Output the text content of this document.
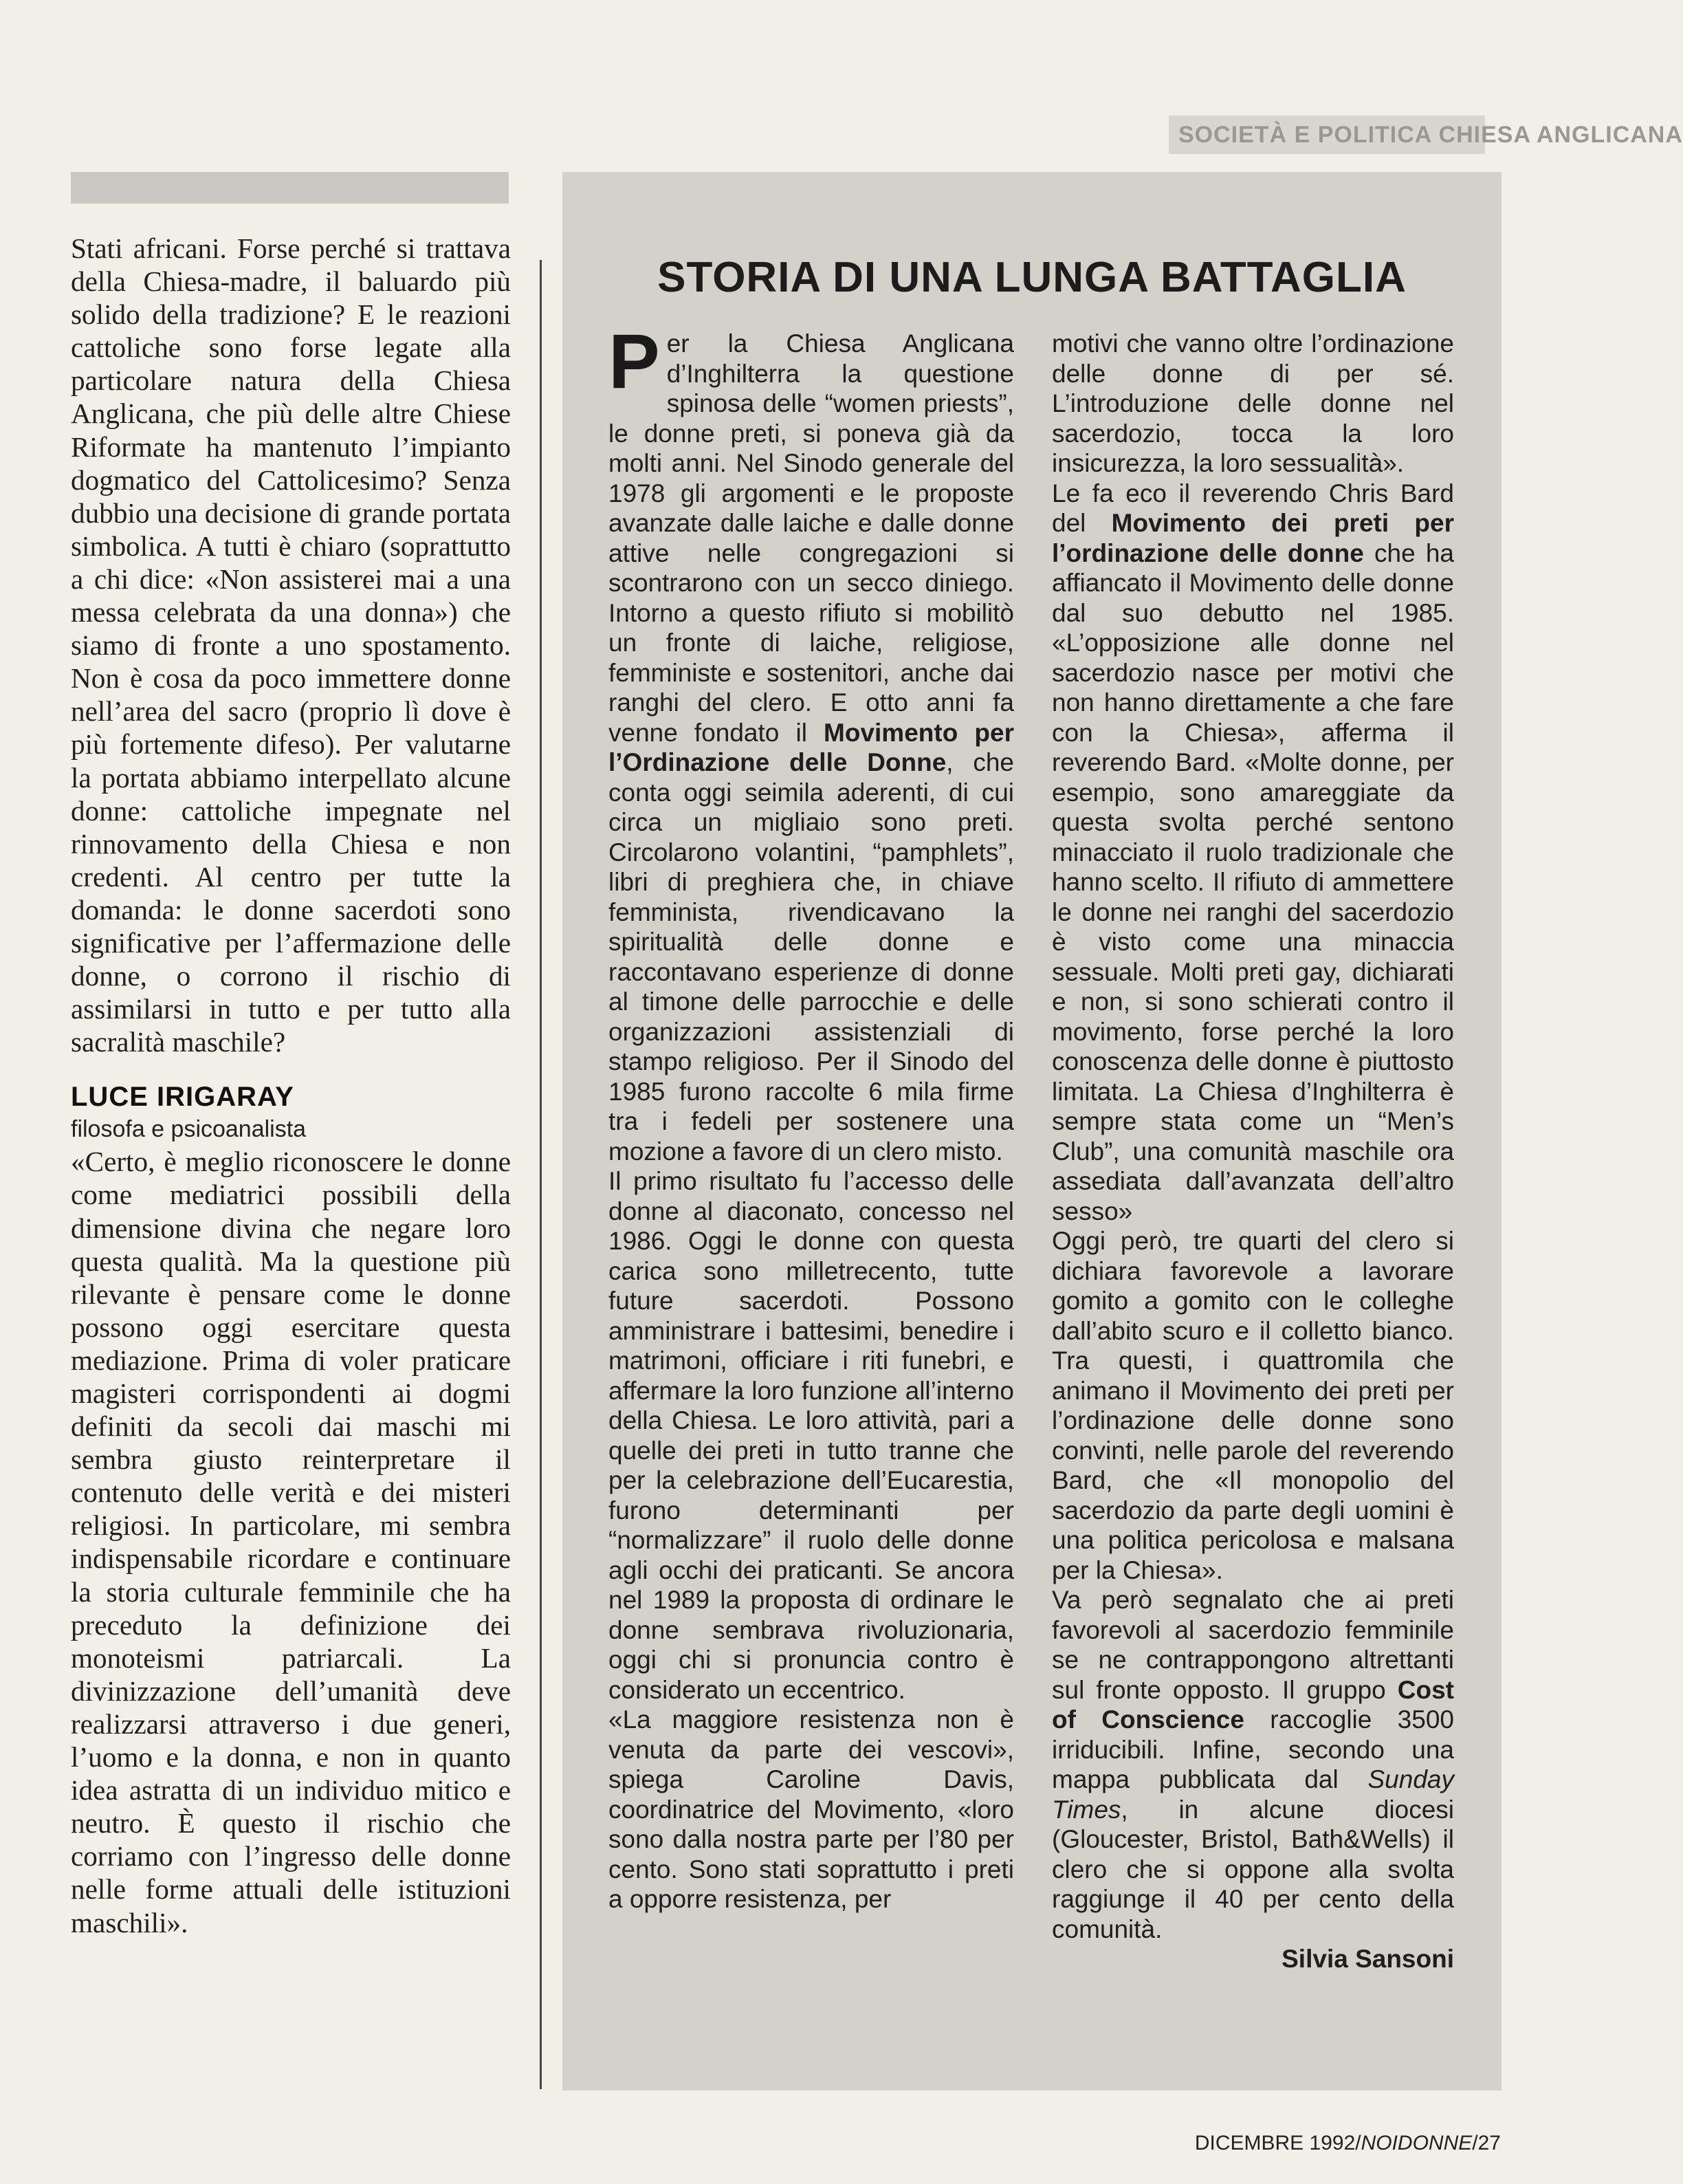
SOCIETÀ E POLITICA CHIESA ANGLICANA

Stati africani. Forse perché si trattava della Chiesa-madre, il baluardo più solido della tradizione? E le reazioni cattoliche sono forse legate alla particolare natura della Chiesa Anglicana, che più delle altre Chiese Riformate ha mantenuto l’impianto dogmatico del Cattolicesimo? Senza dubbio una decisione di grande portata simbolica. A tutti è chiaro (soprattutto a chi dice: «Non assisterei mai a una messa celebrata da una donna») che siamo di fronte a uno spostamento. Non è cosa da poco immettere donne nell’area del sacro (proprio lì dove è più fortemente difeso). Per valutarne la portata abbiamo interpellato alcune donne: cattoliche impegnate nel rinnovamento della Chiesa e non credenti. Al centro per tutte la domanda: le donne sacerdoti sono significative per l’affermazione delle donne, o corrono il rischio di assimilarsi in tutto e per tutto alla sacralità maschile?

LUCE IRIGARAY
filosofa e psicoanalista

«Certo, è meglio riconoscere le donne come mediatrici possibili della dimensione divina che negare loro questa qualità. Ma la questione più rilevante è pensare come le donne possono oggi esercitare questa mediazione. Prima di voler praticare magisteri corrispondenti ai dogmi definiti da secoli dai maschi mi sembra giusto reinterpretare il contenuto delle verità e dei misteri religiosi. In particolare, mi sembra indispensabile ricordare e continuare la storia culturale femminile che ha preceduto la definizione dei monoteismi patriarcali. La divinizzazione dell’umanità deve realizzarsi attraverso i due generi, l’uomo e la donna, e non in quanto idea astratta di un individuo mitico e neutro. È questo il rischio che corriamo con l’ingresso delle donne nelle forme attuali delle istituzioni maschili».

STORIA DI UNA LUNGA BATTAGLIA

Per la Chiesa Anglicana d’Inghilterra la questione spinosa delle “women priests”, le donne preti, si poneva già da molti anni. Nel Sinodo generale del 1978 gli argomenti e le proposte avanzate dalle laiche e dalle donne attive nelle congregazioni si scontrarono con un secco diniego. Intorno a questo rifiuto si mobilitò un fronte di laiche, religiose, femministe e sostenitori, anche dai ranghi del clero. E otto anni fa venne fondato il Movimento per l’Ordinazione delle Donne, che conta oggi seimila aderenti, di cui circa un migliaio sono preti. Circolarono volantini, “pamphlets”, libri di preghiera che, in chiave femminista, rivendicavano la spiritualità delle donne e raccontavano esperienze di donne al timone delle parrocchie e delle organizzazioni assistenziali di stampo religioso. Per il Sinodo del 1985 furono raccolte 6 mila firme tra i fedeli per sostenere una mozione a favore di un clero misto.

Il primo risultato fu l’accesso delle donne al diaconato, concesso nel 1986. Oggi le donne con questa carica sono milletrecento, tutte future sacerdoti. Possono amministrare i battesimi, benedire i matrimoni, officiare i riti funebri, e affermare la loro funzione all’interno della Chiesa. Le loro attività, pari a quelle dei preti in tutto tranne che per la celebrazione dell’Eucarestia, furono determinanti per “normalizzare” il ruolo delle donne agli occhi dei praticanti. Se ancora nel 1989 la proposta di ordinare le donne sembrava rivoluzionaria, oggi chi si pronuncia contro è considerato un eccentrico.

«La maggiore resistenza non è venuta da parte dei vescovi», spiega Caroline Davis, coordinatrice del Movimento, «loro sono dalla nostra parte per l’80 per cento. Sono stati soprattutto i preti a opporre resistenza, per

motivi che vanno oltre l’ordinazione delle donne di per sé. L’introduzione delle donne nel sacerdozio, tocca la loro insicurezza, la loro sessualità».

Le fa eco il reverendo Chris Bard del Movimento dei preti per l’ordinazione delle donne che ha affiancato il Movimento delle donne dal suo debutto nel 1985. «L’opposizione alle donne nel sacerdozio nasce per motivi che non hanno direttamente a che fare con la Chiesa», afferma il reverendo Bard. «Molte donne, per esempio, sono amareggiate da questa svolta perché sentono minacciato il ruolo tradizionale che hanno scelto. Il rifiuto di ammettere le donne nei ranghi del sacerdozio è visto come una minaccia sessuale. Molti preti gay, dichiarati e non, si sono schierati contro il movimento, forse perché la loro conoscenza delle donne è piuttosto limitata. La Chiesa d’Inghilterra è sempre stata come un “Men’s Club”, una comunità maschile ora assediata dall’avanzata dell’altro sesso»

Oggi però, tre quarti del clero si dichiara favorevole a lavorare gomito a gomito con le colleghe dall’abito scuro e il colletto bianco. Tra questi, i quattromila che animano il Movimento dei preti per l’ordinazione delle donne sono convinti, nelle parole del reverendo Bard, che «Il monopolio del sacerdozio da parte degli uomini è una politica pericolosa e malsana per la Chiesa».

Va però segnalato che ai preti favorevoli al sacerdozio femminile se ne contrappongono altrettanti sul fronte opposto. Il gruppo Cost of Conscience raccoglie 3500 irriducibili. Infine, secondo una mappa pubblicata dal Sunday Times, in alcune diocesi (Gloucester, Bristol, Bath&Wells) il clero che si oppone alla svolta raggiunge il 40 per cento della comunità.

Silvia Sansoni

DICEMBRE 1992/NOIDONNE/27
